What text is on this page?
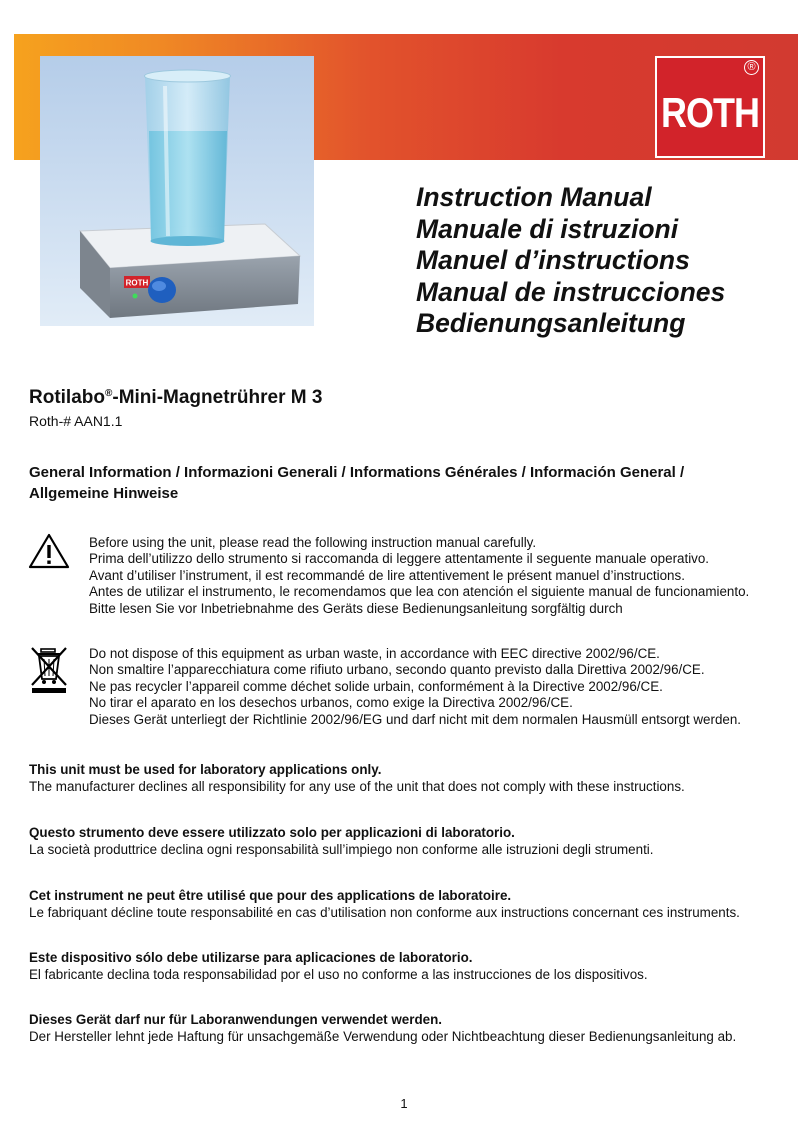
ROTH
®
ROTH
Instruction Manual
Manuale di istruzioni
Manuel d’instructions
Manual de instrucciones
Bedienungsanleitung
Rotilabo®-Mini-Magnetrührer M 3
Roth-# AAN1.1
General Information / Informazioni Generali / Informations Générales / Información General /
Allgemeine Hinweise
Before using the unit, please read the following instruction manual carefully.
Prima dell’utilizzo dello strumento si raccomanda di leggere attentamente il seguente manuale operativo.
Avant d’utiliser l’instrument, il est recommandé de lire attentivement le présent manuel d’instructions.
Antes de utilizar el instrumento, le recomendamos que lea con atención el siguiente manual de funcionamiento.
Bitte lesen Sie vor Inbetriebnahme des Geräts diese Bedienungsanleitung sorgfältig durch
Do not dispose of this equipment as urban waste, in accordance with EEC directive 2002/96/CE.
Non smaltire l’apparecchiatura come rifiuto urbano, secondo quanto previsto dalla Direttiva 2002/96/CE.
Ne pas recycler l’appareil comme déchet solide urbain, conformément à la Directive 2002/96/CE.
No tirar el aparato en los desechos urbanos, como exige la Directiva 2002/96/CE.
Dieses Gerät unterliegt der Richtlinie 2002/96/EG und darf nicht mit dem normalen Hausmüll entsorgt werden.
This unit must be used for laboratory applications only.
The manufacturer declines all responsibility for any use of the unit that does not comply with these instructions.
Questo strumento deve essere utilizzato solo per applicazioni di laboratorio.
La società produttrice declina ogni responsabilità sull’impiego non conforme alle istruzioni degli strumenti.
Cet instrument ne peut être utilisé que pour des applications de laboratoire.
Le fabriquant décline toute responsabilité en cas d’utilisation non conforme aux instructions concernant ces instruments.
Este dispositivo sólo debe utilizarse para aplicaciones de laboratorio.
El fabricante declina toda responsabilidad por el uso no conforme a las instrucciones de los dispositivos.
Dieses Gerät darf nur für Laboranwendungen verwendet werden.
Der Hersteller lehnt jede Haftung für unsachgemäße Verwendung oder Nichtbeachtung dieser Bedienungsanleitung ab.
1
